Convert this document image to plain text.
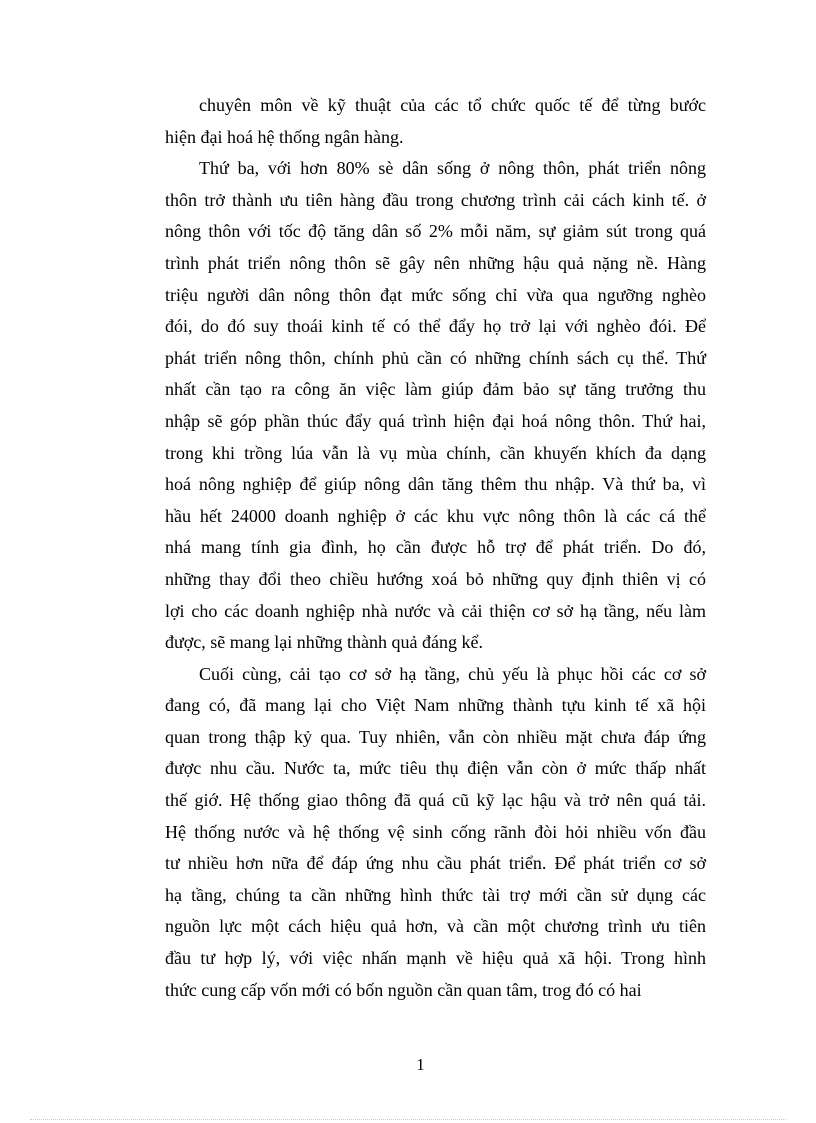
chuyên môn về kỹ thuật của các tổ chức quốc tế để từng bước
hiện đại hoá hệ thống ngân hàng.
Thứ ba, với hơn 80% sè dân sống ở nông thôn, phát triển nông
thôn trở thành ưu tiên hàng đầu trong chương trình cải cách kinh tế. ở
nông thôn với tốc độ tăng dân số 2% mỗi năm, sự giảm sút trong quá
trình phát triển nông thôn sẽ gây nên những hậu quả nặng nề. Hàng
triệu người dân nông thôn đạt mức sống chỉ vừa qua ngưỡng nghèo
đói, do đó suy thoái kinh tế có thể đẩy họ trở lại với nghèo đói. Để
phát triển nông thôn, chính phủ cần có những chính sách cụ thể. Thứ
nhất cần tạo ra công ăn việc làm giúp đảm bảo sự tăng trưởng thu
nhập sẽ góp phần thúc đẩy quá trình hiện đại hoá nông thôn. Thứ hai,
trong khi trồng lúa vẫn là vụ mùa chính, cần khuyến khích đa dạng
hoá nông nghiệp để giúp nông dân tăng thêm thu nhập. Và thứ ba, vì
hầu hết 24000 doanh nghiệp ở các khu vực nông thôn là các cá thể
nhá mang tính gia đình, họ cần được hỗ trợ để phát triển. Do đó,
những thay đổi theo chiều hướng xoá bỏ những quy định thiên vị có
lợi cho các doanh nghiệp nhà nước và cải thiện cơ sở hạ tầng, nếu làm
được, sẽ mang lại những thành quả đáng kể.
Cuối cùng, cải tạo cơ sở hạ tầng, chủ yếu là phục hồi các cơ sở
đang có, đã mang lại cho Việt Nam những thành tựu kinh tế xã hội
quan trong thập kỷ qua. Tuy nhiên, vẫn còn nhiều mặt chưa đáp ứng
được nhu cầu. Nước ta, mức tiêu thụ điện vẫn còn ở mức thấp nhất
thế giớ. Hệ thống giao thông đã quá cũ kỹ lạc hậu và trở nên quá tải.
Hệ thống nước và hệ thống vệ sinh cống rãnh đòi hỏi nhiều vốn đầu
tư nhiều hơn nữa để đáp ứng nhu cầu phát triển. Để phát triển cơ sở
hạ tầng, chúng ta cần những hình thức tài trợ mới cần sử dụng các
nguồn lực một cách hiệu quả hơn, và cần một chương trình ưu tiên
đầu tư hợp lý, với việc nhấn mạnh về hiệu quả xã hội. Trong hình
thức cung cấp vốn mới có bốn nguồn cần quan tâm, trog đó có hai
1
